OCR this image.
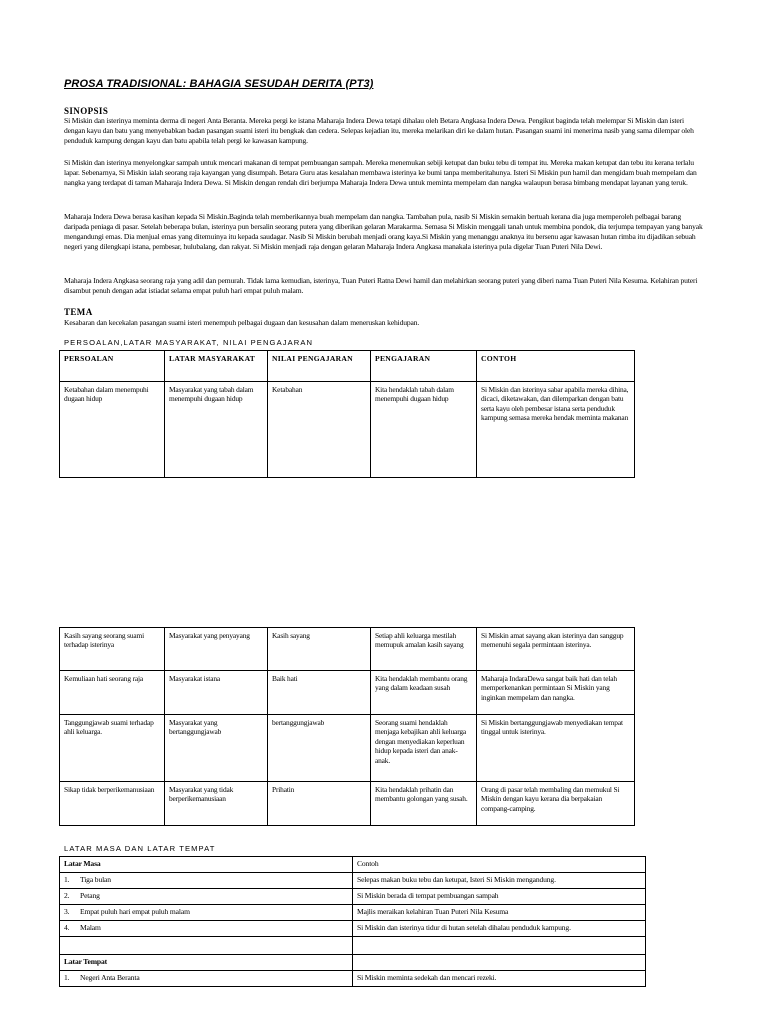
PROSA TRADISIONAL: BAHAGIA SESUDAH DERITA (PT3)
SINOPSIS
Si Miskin dan isterinya meminta derma di negeri Anta Beranta. Mereka pergi ke istana Maharaja Indera Dewa tetapi dihalau oleh Betara Angkasa Indera Dewa. Pengikut baginda telah melempar Si Miskin dan isteri dengan kayu dan batu yang menyebabkan badan pasangan suami isteri itu bengkak dan cedera. Selepas kejadian itu, mereka melarikan diri ke dalam hutan. Pasangan suami ini menerima nasib yang sama dilempar oleh penduduk kampung dengan kayu dan batu apabila telah pergi ke kawasan kampung.
Si Miskin dan isterinya menyelongkar sampah untuk mencari makanan di tempat pembuangan sampah. Mereka menemukan sebiji ketupat dan buku tebu di tempat itu. Mereka makan ketupat dan tebu itu kerana terlalu lapar. Sebenarnya, Si Miskin ialah seorang raja kayangan yang disumpah. Betara Guru atas kesalahan membawa isterinya ke bumi tanpa memberitahunya. Isteri Si Miskin pun hamil dan mengidam buah mempelam dan nangka yang terdapat di taman Maharaja Indera Dewa. Si Miskin dengan rendah diri berjumpa Maharaja Indera Dewa untuk meminta mempelam dan nangka walaupun berasa bimbang mendapat layanan yang teruk.
Maharaja Indera Dewa berasa kasihan kepada Si Miskin.Baginda telah memberikannya buah mempelam dan nangka. Tambahan pula, nasib Si Miskin semakin bertuah kerana dia juga memperoleh pelbagai barang daripada peniaga di pasar. Setelah beberapa bulan, isterinya pun bersalin seorang putera yang diberikan gelaran Marakarma. Semasa Si Miskin menggali tanah untuk membina pondok, dia terjumpa tempayan yang banyak mengandungi emas. Dia menjual emas yang ditemuinya itu kepada saudagar. Nasib Si Miskin berubah menjadi orang kaya.Si Miskin yang menanggu anaknya itu bersenu agar kawasan hutan rimba itu dijadikan sebuah negeri yang dilengkapi istana, pembesar, hulubalang, dan rakyat. Si Miskin menjadi raja dengan gelaran Maharaja Indera Angkasa manakala isterinya pula digelar Tuan Puteri Nila Dewi.
Maharaja Indera Angkasa seorang raja yang adil dan pemurah. Tidak lama kemudian, isterinya, Tuan Puteri Ratna Dewi hamil dan melahirkan seorang puteri yang diberi nama Tuan Puteri Nila Kesuma. Kelahiran puteri disambut penuh dengan adat istiadat selama empat puluh hari empat puluh malam.
TEMA
Kesabaran dan kecekalan pasangan suami isteri menempuh pelbagai dugaan dan kesusahan dalam meneruskan kehidupan.
PERSOALAN,LATAR MASYARAKAT, NILAI PENGAJARAN
PERSOALAN	LATAR MASYARAKAT	NILAI PENGAJARAN	PENGAJARAN	CONTOH
Ketabahan dalam menempuhi dugaan hidup	Masyarakat yang tabah dalam menempuhi dugaan hidup	Ketabahan	Kita hendaklah tabah dalam menempuhi dugaan hidup	Si Miskin dan isterinya sabar apabila mereka dihina, dicaci, diketawakan, dan dilemparkan dengan batu serta kayu oleh pembesar istana serta penduduk kampung semasa mereka hendak meminta makanan
Kasih sayang seorang suami terhadap isterinya	Masyarakat yang penyayang	Kasih sayang	Setiap ahli keluarga mestilah memupuk amalan kasih sayang	Si Miskin amat sayang akan isterinya dan sanggup memenuhi segala permintaan isterinya.
Kemuliaan hati seorang raja	Masyarakat istana	Baik hati	Kita hendaklah membantu orang yang dalam keadaan susah	Maharaja IndaraDewa sangat baik hati dan telah memperkenankan permintaan Si Miskin yang inginkan mempelam dan nangka.
Tanggungjawab suami terhadap ahli keluarga.	Masyarakat yang bertanggungjawab	bertanggungjawab	Seorang suami hendaklah menjaga kebajikan ahli keluarga dengan menyediakan keperluan hidup kepada isteri dan anak-anak.	Si Miskin bertanggungjawab menyediakan tempat tinggal untuk isterinya.
Sikap tidak berperikemanusiaan	Masyarakat yang tidak berperikemanusiaan	Prihatin	Kita hendaklah prihatin dan membantu golongan yang susah.	Orang di pasar telah membaling dan memukul Si Miskin dengan kayu kerana dia berpakaian compang-camping.
LATAR MASA DAN LATAR TEMPAT
Latar Masa	Contoh
1. Tiga bulan	Selepas makan buku tebu dan ketupat, Isteri Si Miskin mengandung.
2. Petang	Si Miskin berada di tempat pembuangan sampah
3. Empat puluh hari empat puluh malam	Majlis meraikan kelahiran Tuan Puteri Nila Kesuma
4. Malam	Si Miskin dan isterinya tidur di hutan setelah dihalau penduduk kampung.

Latar Tempat	
1. Negeri Anta Beranta	Si Miskin meminta sedekah dan mencari rezeki.
